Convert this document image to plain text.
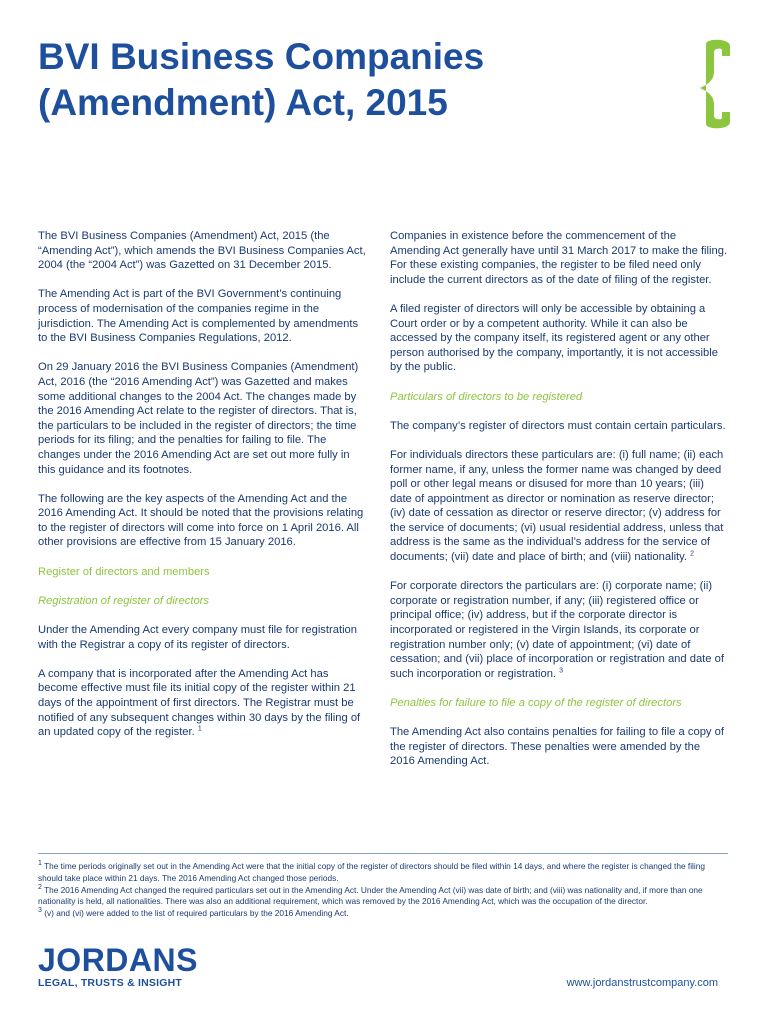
BVI Business Companies
(Amendment) Act, 2015

The BVI Business Companies (Amendment) Act, 2015 (the “Amending Act”), which amends the BVI Business Companies Act, 2004 (the “2004 Act”) was Gazetted on 31 December 2015.

The Amending Act is part of the BVI Government’s continuing process of modernisation of the companies regime in the jurisdiction. The Amending Act is complemented by amendments to the BVI Business Companies Regulations, 2012.

On 29 January 2016 the BVI Business Companies (Amendment) Act, 2016 (the “2016 Amending Act”) was Gazetted and makes some additional changes to the 2004 Act. The changes made by the 2016 Amending Act relate to the register of directors. That is, the particulars to be included in the register of directors; the time periods for its filing; and the penalties for failing to file. The changes under the 2016 Amending Act are set out more fully in this guidance and its footnotes.

The following are the key aspects of the Amending Act and the 2016 Amending Act. It should be noted that the provisions relating to the register of directors will come into force on 1 April 2016. All other provisions are effective from 15 January 2016.

Register of directors and members

Registration of register of directors

Under the Amending Act every company must file for registration with the Registrar a copy of its register of directors.

A company that is incorporated after the Amending Act has become effective must file its initial copy of the register within 21 days of the appointment of first directors. The Registrar must be notified of any subsequent changes within 30 days by the filing of an updated copy of the register. $^1$

Companies in existence before the commencement of the Amending Act generally have until 31 March 2017 to make the filing. For these existing companies, the register to be filed need only include the current directors as of the date of filing of the register.

A filed register of directors will only be accessible by obtaining a Court order or by a competent authority. While it can also be accessed by the company itself, its registered agent or any other person authorised by the company, importantly, it is not accessible by the public.

Particulars of directors to be registered

The company’s register of directors must contain certain particulars.

For individuals directors these particulars are: (i) full name; (ii) each former name, if any, unless the former name was changed by deed poll or other legal means or disused for more than 10 years; (iii) date of appointment as director or nomination as reserve director; (iv) date of cessation as director or reserve director; (v) address for the service of documents; (vi) usual residential address, unless that address is the same as the individual’s address for the service of documents; (vii) date and place of birth; and (viii) nationality. $^2$

For corporate directors the particulars are: (i) corporate name; (ii) corporate or registration number, if any; (iii) registered office or principal office; (iv) address, but if the corporate director is incorporated or registered in the Virgin Islands, its corporate or registration number only; (v) date of appointment; (vi) date of cessation; and (vii) place of incorporation or registration and date of such incorporation or registration. $^3$

Penalties for failure to file a copy of the register of directors

The Amending Act also contains penalties for failing to file a copy of the register of directors. These penalties were amended by the 2016 Amending Act.

$^1$ The time periods originally set out in the Amending Act were that the initial copy of the register of directors should be filed within 14 days, and where the register is changed the filing should take place within 21 days. The 2016 Amending Act changed those periods.

$^2$ The 2016 Amending Act changed the required particulars set out in the Amending Act. Under the Amending Act (vii) was date of birth; and (viii) was nationality and, if more than one nationality is held, all nationalities. There was also an additional requirement, which was removed by the 2016 Amending Act, which was the occupation of the director.

$^3$ (v) and (vi) were added to the list of required particulars by the 2016 Amending Act.

JORDANS
LEGAL, TRUSTS & INSIGHT	www.jordanstrustcompany.com
